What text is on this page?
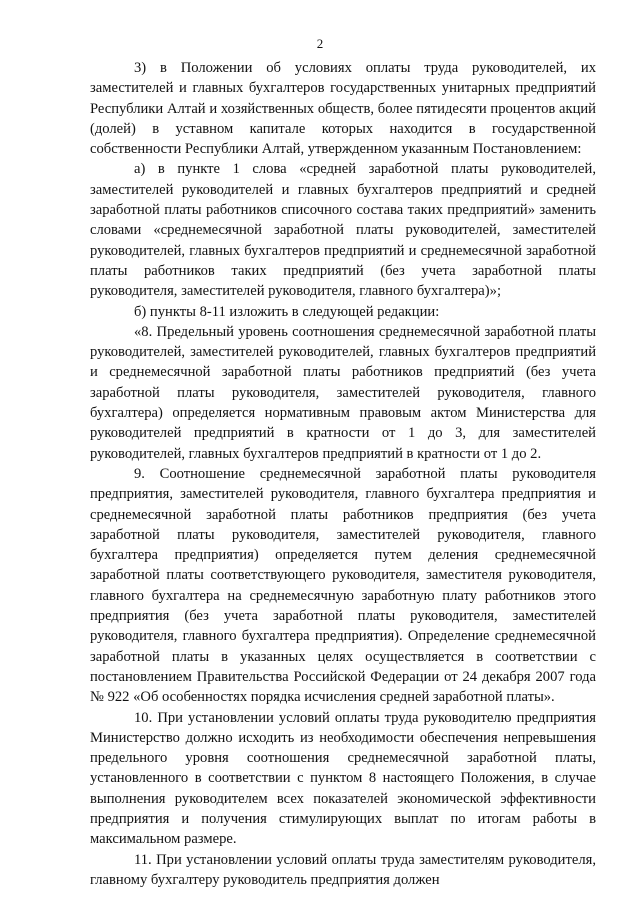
2

3) в Положении об условиях оплаты труда руководителей, их заместителей и главных бухгалтеров государственных унитарных предприятий Республики Алтай и хозяйственных обществ, более пятидесяти процентов акций (долей) в уставном капитале которых находится в государственной собственности Республики Алтай, утвержденном указанным Постановлением:

а) в пункте 1 слова «средней заработной платы руководителей, заместителей руководителей и главных бухгалтеров предприятий и средней заработной платы работников списочного состава таких предприятий» заменить словами «среднемесячной заработной платы руководителей, заместителей руководителей, главных бухгалтеров предприятий и среднемесячной заработной платы работников таких предприятий (без учета заработной платы руководителя, заместителей руководителя, главного бухгалтера)»;

б) пункты 8-11 изложить в следующей редакции:

«8. Предельный уровень соотношения среднемесячной заработной платы руководителей, заместителей руководителей, главных бухгалтеров предприятий и среднемесячной заработной платы работников предприятий (без учета заработной платы руководителя, заместителей руководителя, главного бухгалтера) определяется нормативным правовым актом Министерства для руководителей предприятий в кратности от 1 до 3, для заместителей руководителей, главных бухгалтеров предприятий в кратности от 1 до 2.

9. Соотношение среднемесячной заработной платы руководителя предприятия, заместителей руководителя, главного бухгалтера предприятия и среднемесячной заработной платы работников предприятия (без учета заработной платы руководителя, заместителей руководителя, главного бухгалтера предприятия) определяется путем деления среднемесячной заработной платы соответствующего руководителя, заместителя руководителя, главного бухгалтера на среднемесячную заработную плату работников этого предприятия (без учета заработной платы руководителя, заместителей руководителя, главного бухгалтера предприятия). Определение среднемесячной заработной платы в указанных целях осуществляется в соответствии с постановлением Правительства Российской Федерации от 24 декабря 2007 года № 922 «Об особенностях порядка исчисления средней заработной платы».

10. При установлении условий оплаты труда руководителю предприятия Министерство должно исходить из необходимости обеспечения непревышения предельного уровня соотношения среднемесячной заработной платы, установленного в соответствии с пунктом 8 настоящего Положения, в случае выполнения руководителем всех показателей экономической эффективности предприятия и получения стимулирующих выплат по итогам работы в максимальном размере.

11. При установлении условий оплаты труда заместителям руководителя, главному бухгалтеру руководитель предприятия должен
